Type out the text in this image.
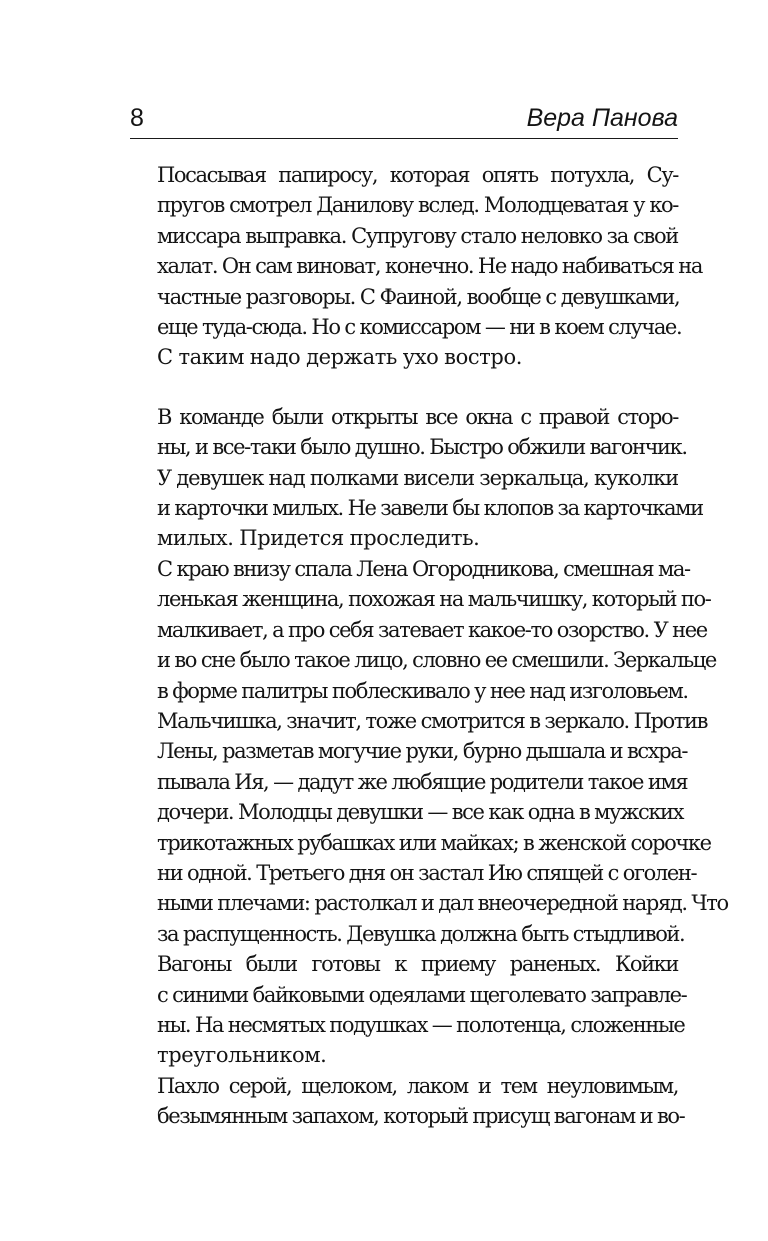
8	Вера Панова

Посасывая папиросу, которая опять потухла, Су-
пругов смотрел Данилову вслед. Молодцеватая у ко-
миссара выправка. Супругову стало неловко за свой
халат. Он сам виноват, конечно. Не надо набиваться на
частные разговоры. С Фаиной, вообще с девушками,
еще туда-сюда. Но с комиссаром — ни в коем случае.
С таким надо держать ухо востро.

В команде были открыты все окна с правой сторо-
ны, и все-таки было душно. Быстро обжили вагончик.
У девушек над полками висели зеркальца, куколки
и карточки милых. Не завели бы клопов за карточками
милых. Придется проследить.

С краю внизу спала Лена Огородникова, смешная ма-
ленькая женщина, похожая на мальчишку, который по-
малкивает, а про себя затевает какое-то озорство. У нее
и во сне было такое лицо, словно ее смешили. Зеркальце
в форме палитры поблескивало у нее над изголовьем.
Мальчишка, значит, тоже смотрится в зеркало. Против
Лены, разметав могучие руки, бурно дышала и всхра-
пывала Ия, — дадут же любящие родители такое имя
дочери. Молодцы девушки — все как одна в мужских
трикотажных рубашках или майках; в женской сорочке
ни одной. Третьего дня он застал Ию спящей с оголен-
ными плечами: растолкал и дал внеочередной наряд. Что
за распущенность. Девушка должна быть стыдливой.

Вагоны были готовы к приему раненых. Койки
с синими байковыми одеялами щеголевато заправле-
ны. На несмятых подушках — полотенца, сложенные
треугольником.

Пахло серой, щелоком, лаком и тем неуловимым,
безымянным запахом, который присущ вагонам и во-
